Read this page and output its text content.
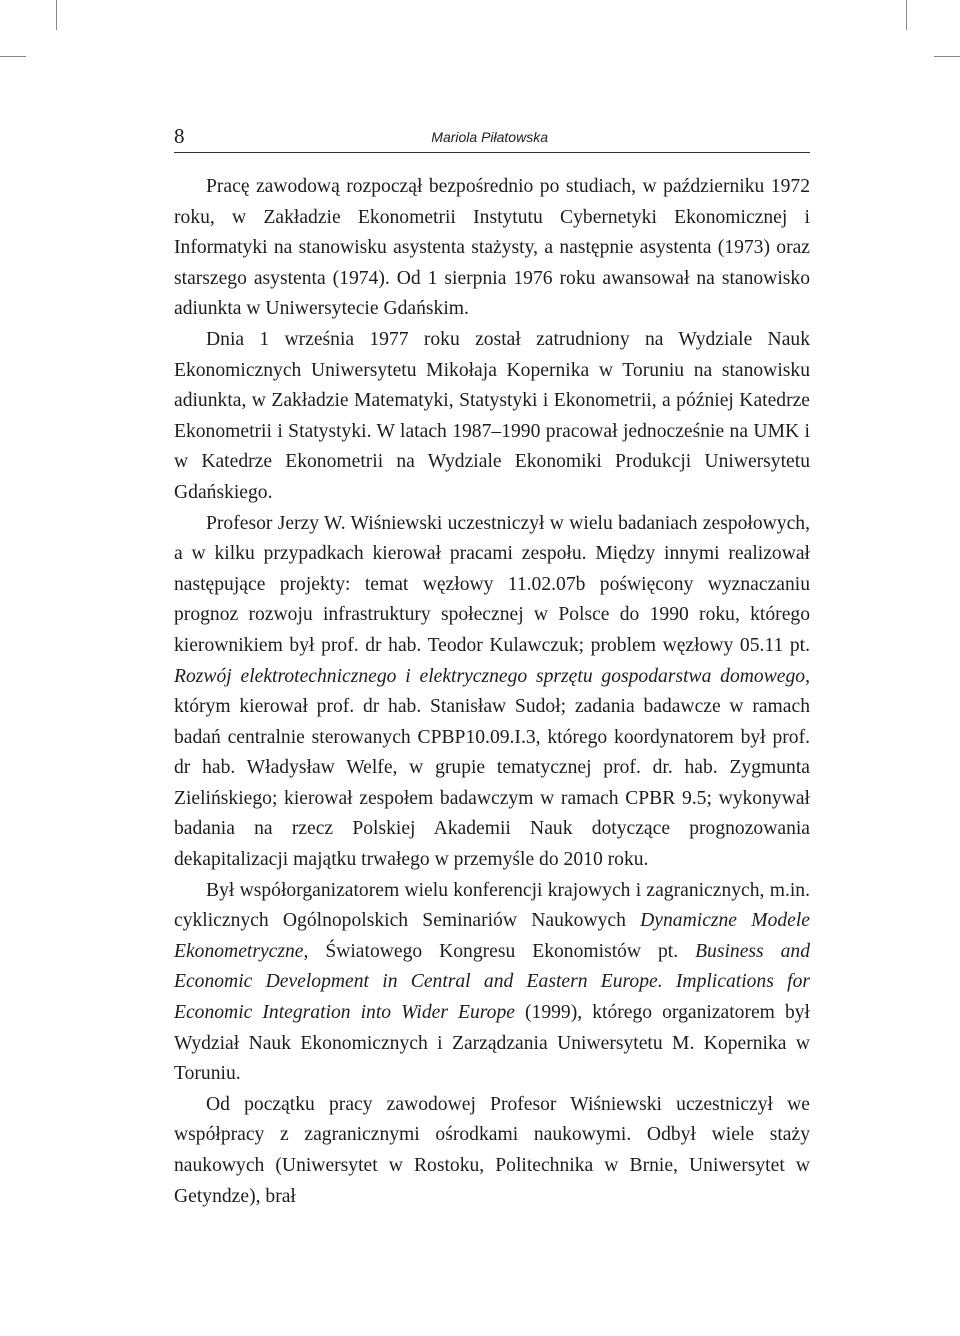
8	Mariola Piłatowska

Pracę zawodową rozpoczął bezpośrednio po studiach, w październiku 1972 roku, w Zakładzie Ekonometrii Instytutu Cybernetyki Ekonomicznej i Informatyki na stanowisku asystenta stażysty, a następnie asystenta (1973) oraz starszego asystenta (1974). Od 1 sierpnia 1976 roku awansował na stanowisko adiunkta w Uniwersytecie Gdańskim.

Dnia 1 września 1977 roku został zatrudniony na Wydziale Nauk Ekonomicznych Uniwersytetu Mikołaja Kopernika w Toruniu na stanowisku adiunkta, w Zakładzie Matematyki, Statystyki i Ekonometrii, a później Katedrze Ekonometrii i Statystyki. W latach 1987–1990 pracował jednocześnie na UMK i w Katedrze Ekonometrii na Wydziale Ekonomiki Produkcji Uniwersytetu Gdańskiego.

Profesor Jerzy W. Wiśniewski uczestniczył w wielu badaniach zespołowych, a w kilku przypadkach kierował pracami zespołu. Między innymi realizował następujące projekty: temat węzłowy 11.02.07b poświęcony wyznaczaniu prognoz rozwoju infrastruktury społecznej w Polsce do 1990 roku, którego kierownikiem był prof. dr hab. Teodor Kulawczuk; problem węzłowy 05.11 pt. Rozwój elektrotechnicznego i elektrycznego sprzętu gospodarstwa domowego, którym kierował prof. dr hab. Stanisław Sudoł; zadania badawcze w ramach badań centralnie sterowanych CPBP10.09.I.3, którego koordynatorem był prof. dr hab. Władysław Welfe, w grupie tematycznej prof. dr. hab. Zygmunta Zielińskiego; kierował zespołem badawczym w ramach CPBR 9.5; wykonywał badania na rzecz Polskiej Akademii Nauk dotyczące prognozowania dekapitalizacji majątku trwałego w przemyśle do 2010 roku.

Był współorganizatorem wielu konferencji krajowych i zagranicznych, m.in. cyklicznych Ogólnopolskich Seminariów Naukowych Dynamiczne Modele Ekonometryczne, Światowego Kongresu Ekonomistów pt. Business and Economic Development in Central and Eastern Europe. Implications for Economic Integration into Wider Europe (1999), którego organizatorem był Wydział Nauk Ekonomicznych i Zarządzania Uniwersytetu M. Kopernika w Toruniu.

Od początku pracy zawodowej Profesor Wiśniewski uczestniczył we współpracy z zagranicznymi ośrodkami naukowymi. Odbył wiele staży naukowych (Uniwersytet w Rostoku, Politechnika w Brnie, Uniwersytet w Getyndze), brał
